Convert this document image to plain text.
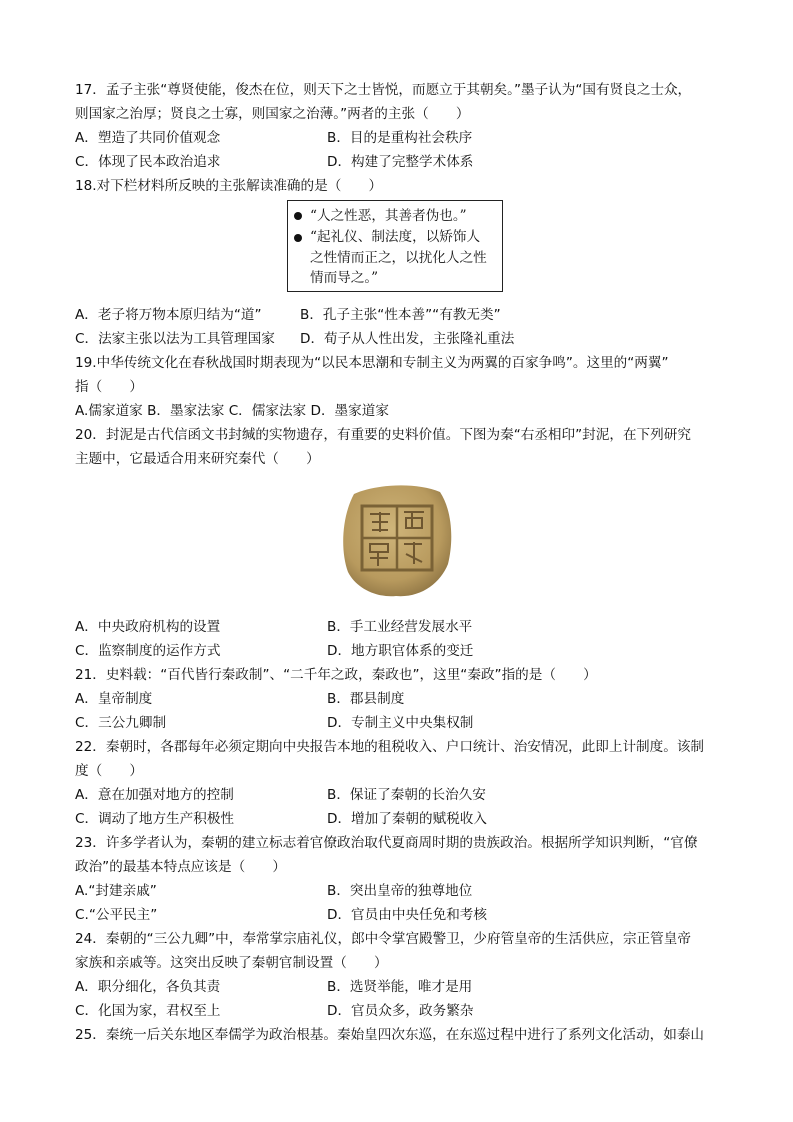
17．孟子主张“尊贤使能，俊杰在位，则天下之士皆悦，而愿立于其朝矣。”墨子认为“国有贤良之士众，
则国家之治厚；贤良之士寡，则国家之治薄。”两者的主张（　　）
A．塑造了共同价值观念	B．目的是重构社会秩序
C．体现了民本政治追求	D．构建了完整学术体系
18.对下栏材料所反映的主张解读准确的是（　　）
“人之性恶，其善者伪也。”
“起礼仪、制法度，以矫饰人
之性情而正之，以扰化人之性
情而导之。”
A．老子将万物本原归结为“道”	B．孔子主张“性本善”“有教无类”
C．法家主张以法为工具管理国家 D．荀子从人性出发，主张隆礼重法
19.中华传统文化在春秋战国时期表现为“以民本思潮和专制主义为两翼的百家争鸣”。这里的“两翼”
指（　　）
A.儒家道家 B．墨家法家 C．儒家法家 D．墨家道家
20．封泥是古代信函文书封缄的实物遗存，有重要的史料价值。下图为秦“右丞相印”封泥，在下列研究
主题中，它最适合用来研究秦代（　　）
A．中央政府机构的设置	B．手工业经营发展水平
C．监察制度的运作方式	D．地方职官体系的变迁
21．史料载：“百代皆行秦政制”、“二千年之政，秦政也”，这里“秦政”指的是（　　）
A．皇帝制度	B．郡县制度
C．三公九卿制	D．专制主义中央集权制
22．秦朝时，各郡每年必须定期向中央报告本地的租税收入、户口统计、治安情况，此即上计制度。该制
度（　　）
A．意在加强对地方的控制	B．保证了秦朝的长治久安
C．调动了地方生产积极性	D．增加了秦朝的赋税收入
23．许多学者认为，秦朝的建立标志着官僚政治取代夏商周时期的贵族政治。根据所学知识判断，“官僚
政治”的最基本特点应该是（　　）
A.“封建亲戚”	B．突出皇帝的独尊地位
C.“公平民主”	D．官员由中央任免和考核
24．秦朝的“三公九卿”中，奉常掌宗庙礼仪，郎中令掌宫殿警卫，少府管皇帝的生活供应，宗正管皇帝
家族和亲戚等。这突出反映了秦朝官制设置（　　）
A．职分细化，各负其责	B．选贤举能，唯才是用
C．化国为家，君权至上	D．官员众多，政务繁杂
25．秦统一后关东地区奉儒学为政治根基。秦始皇四次东巡，在东巡过程中进行了系列文化活动，如泰山
